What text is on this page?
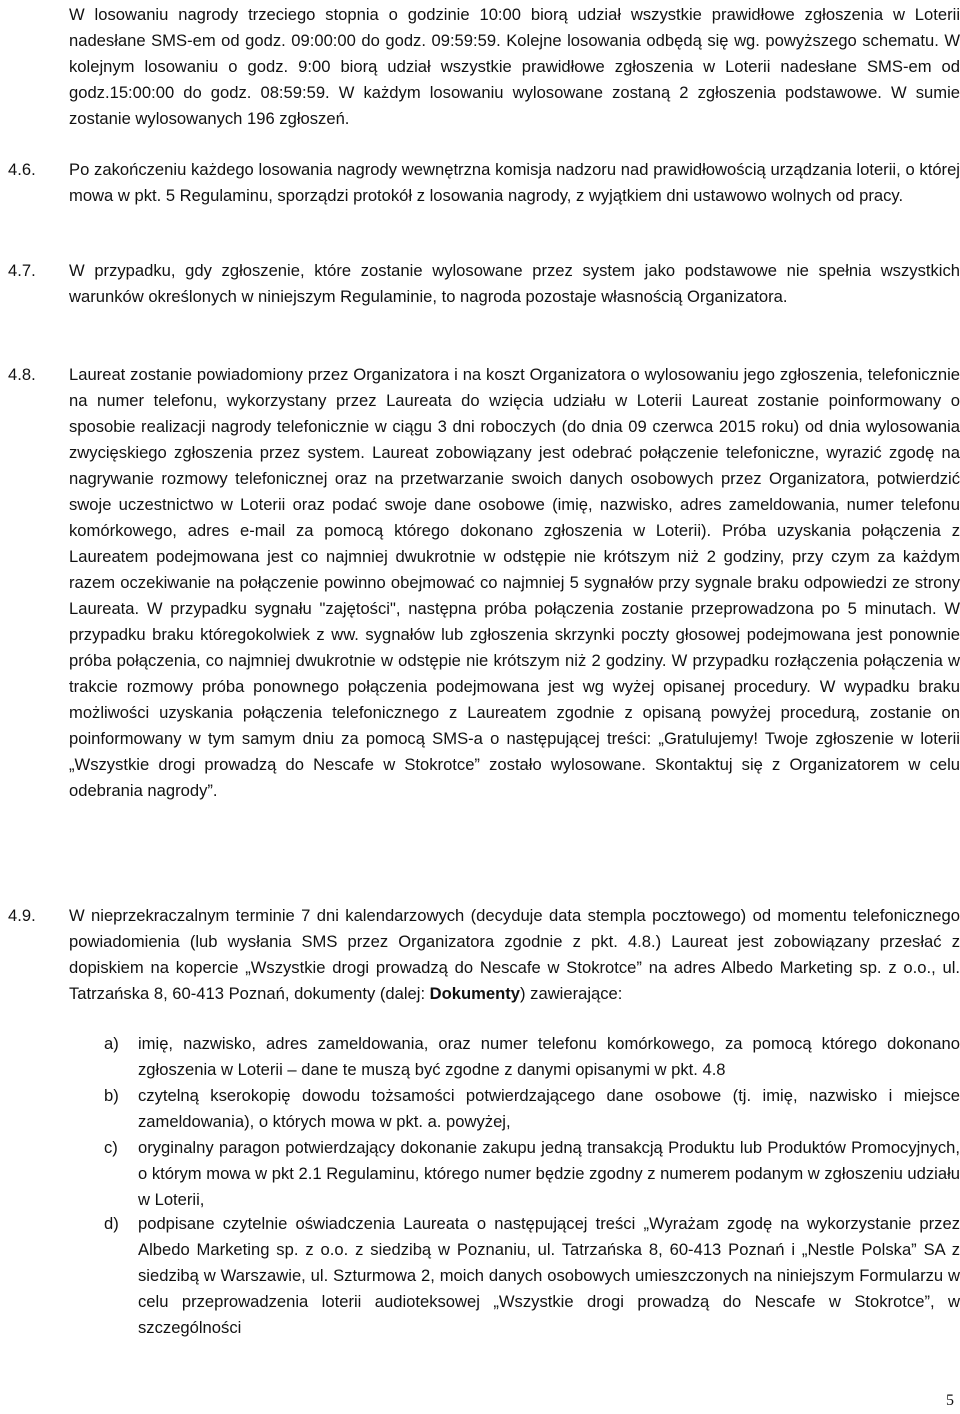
W losowaniu nagrody trzeciego stopnia o godzinie 10:00 biorą udział wszystkie prawidłowe zgłoszenia w Loterii nadesłane SMS-em od godz. 09:00:00 do godz. 09:59:59. Kolejne losowania odbędą się wg. powyższego schematu. W kolejnym losowaniu o godz. 9:00 biorą udział wszystkie prawidłowe zgłoszenia w Loterii nadesłane SMS-em od godz.15:00:00 do godz. 08:59:59. W każdym losowaniu wylosowane zostaną 2 zgłoszenia podstawowe. W sumie zostanie wylosowanych 196 zgłoszeń.
4.6. Po zakończeniu każdego losowania nagrody wewnętrzna komisja nadzoru nad prawidłowością urządzania loterii, o której mowa w pkt. 5 Regulaminu, sporządzi protokół z losowania nagrody, z wyjątkiem dni ustawowo wolnych od pracy.
4.7. W przypadku, gdy zgłoszenie, które zostanie wylosowane przez system jako podstawowe nie spełnia wszystkich warunków określonych w niniejszym Regulaminie, to nagroda pozostaje własnością Organizatora.
4.8. Laureat zostanie powiadomiony przez Organizatora i na koszt Organizatora o wylosowaniu jego zgłoszenia, telefonicznie na numer telefonu, wykorzystany przez Laureata do wzięcia udziału w Loterii Laureat zostanie poinformowany o sposobie realizacji nagrody telefonicznie w ciągu 3 dni roboczych (do dnia 09 czerwca 2015 roku) od dnia wylosowania zwycięskiego zgłoszenia przez system. Laureat zobowiązany jest odebrać połączenie telefoniczne, wyrazić zgodę na nagrywanie rozmowy telefonicznej oraz na przetwarzanie swoich danych osobowych przez Organizatora, potwierdzić swoje uczestnictwo w Loterii oraz podać swoje dane osobowe (imię, nazwisko, adres zameldowania, numer telefonu komórkowego, adres e-mail za pomocą którego dokonano zgłoszenia w Loterii). Próba uzyskania połączenia z Laureatem podejmowana jest co najmniej dwukrotnie w odstępie nie krótszym niż 2 godziny, przy czym za każdym razem oczekiwanie na połączenie powinno obejmować co najmniej 5 sygnałów przy sygnale braku odpowiedzi ze strony Laureata. W przypadku sygnału "zajętości", następna próba połączenia zostanie przeprowadzona po 5 minutach. W przypadku braku któregokolwiek z ww. sygnałów lub zgłoszenia skrzynki poczty głosowej podejmowana jest ponownie próba połączenia, co najmniej dwukrotnie w odstępie nie krótszym niż 2 godziny. W przypadku rozłączenia połączenia w trakcie rozmowy próba ponownego połączenia podejmowana jest wg wyżej opisanej procedury. W wypadku braku możliwości uzyskania połączenia telefonicznego z Laureatem zgodnie z opisaną powyżej procedurą, zostanie on poinformowany w tym samym dniu za pomocą SMS-a o następującej treści: „Gratulujemy! Twoje zgłoszenie w loterii „Wszystkie drogi prowadzą do Nescafe w Stokrotce” zostało wylosowane. Skontaktuj się z Organizatorem w celu odebrania nagrody”.
4.9. W nieprzekraczalnym terminie 7 dni kalendarzowych (decyduje data stempla pocztowego) od momentu telefonicznego powiadomienia (lub wysłania SMS przez Organizatora zgodnie z pkt. 4.8.) Laureat jest zobowiązany przesłać z dopiskiem na kopercie „Wszystkie drogi prowadzą do Nescafe w Stokrotce” na adres Albedo Marketing sp. z o.o., ul. Tatrzańska 8, 60-413 Poznań, dokumenty (dalej: Dokumenty) zawierające:
a)	imię, nazwisko, adres zameldowania, oraz numer telefonu komórkowego, za pomocą którego dokonano zgłoszenia w Loterii – dane te muszą być zgodne z danymi opisanymi w pkt. 4.8
b)	czytelną kserokopię dowodu tożsamości potwierdzającego dane osobowe (tj. imię, nazwisko i miejsce zameldowania), o których mowa w pkt. a. powyżej,
c)	oryginalny paragon potwierdzający dokonanie zakupu jedną transakcją Produktu lub Produktów Promocyjnych, o którym mowa w pkt 2.1 Regulaminu, którego numer będzie zgodny z numerem podanym w zgłoszeniu udziału w Loterii,
d)	podpisane czytelnie oświadczenia Laureata o następującej treści „Wyrażam zgodę na wykorzystanie przez Albedo Marketing sp. z o.o. z siedzibą w Poznaniu, ul. Tatrzańska 8, 60-413 Poznań i „Nestle Polska” SA z siedzibą w Warszawie, ul. Szturmowa 2, moich danych osobowych umieszczonych na niniejszym Formularzu w celu przeprowadzenia loterii audioteksowej „Wszystkie drogi prowadzą do Nescafe w Stokrotce”, w szczególności
5
